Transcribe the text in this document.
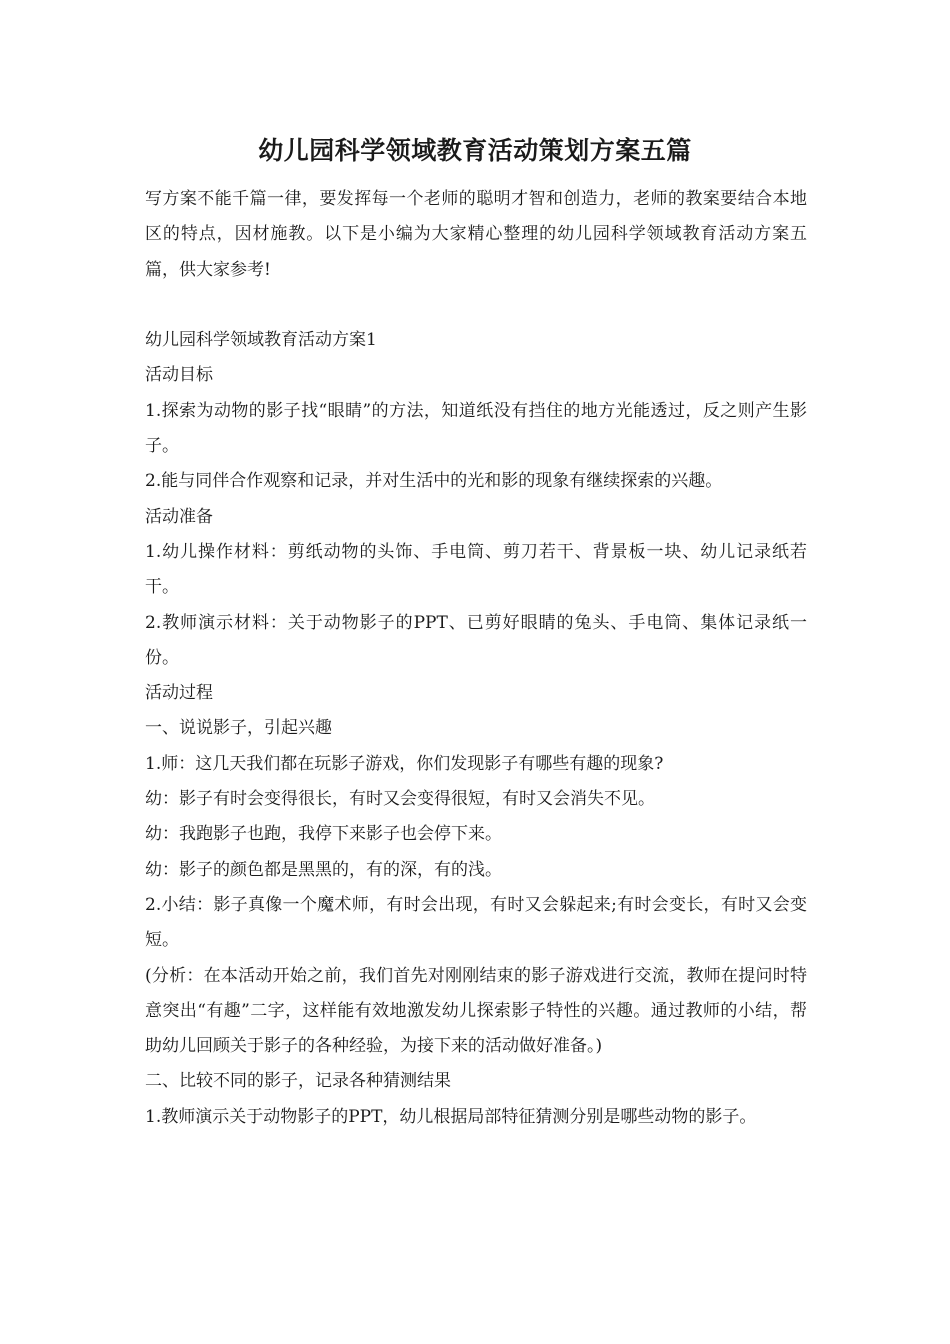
幼儿园科学领域教育活动策划方案五篇

写方案不能千篇一律，要发挥每一个老师的聪明才智和创造力，老师的教案要结合本地区的特点，因材施教。以下是小编为大家精心整理的幼儿园科学领域教育活动方案五篇，供大家参考!

幼儿园科学领域教育活动方案1

活动目标

1.探索为动物的影子找“眼睛”的方法，知道纸没有挡住的地方光能透过，反之则产生影子。

2.能与同伴合作观察和记录，并对生活中的光和影的现象有继续探索的兴趣。

活动准备

1.幼儿操作材料：剪纸动物的头饰、手电筒、剪刀若干、背景板一块、幼儿记录纸若干。

2.教师演示材料：关于动物影子的PPT、已剪好眼睛的兔头、手电筒、集体记录纸一份。

活动过程

一、说说影子，引起兴趣

1.师：这几天我们都在玩影子游戏，你们发现影子有哪些有趣的现象?

幼：影子有时会变得很长，有时又会变得很短，有时又会消失不见。

幼：我跑影子也跑，我停下来影子也会停下来。

幼：影子的颜色都是黑黑的，有的深，有的浅。

2.小结：影子真像一个魔术师，有时会出现，有时又会躲起来;有时会变长，有时又会变短。

(分析：在本活动开始之前，我们首先对刚刚结束的影子游戏进行交流，教师在提问时特意突出“有趣”二字，这样能有效地激发幼儿探索影子特性的兴趣。通过教师的小结，帮助幼儿回顾关于影子的各种经验，为接下来的活动做好准备。)

二、比较不同的影子，记录各种猜测结果

1.教师演示关于动物影子的PPT，幼儿根据局部特征猜测分别是哪些动物的影子。
